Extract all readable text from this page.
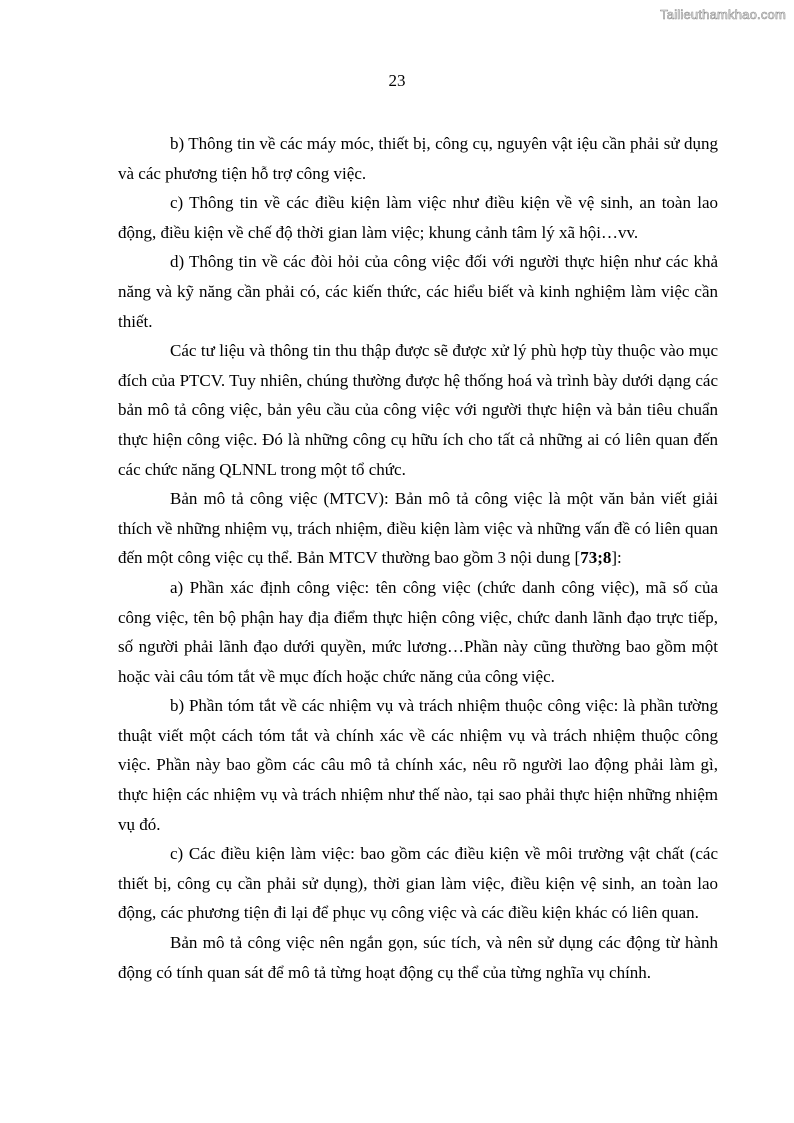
Tailieuthamkhao.com
23

b) Thông tin về các máy móc, thiết bị, công cụ, nguyên vật iệu cần phải sử dụng và các phương tiện hỗ trợ công việc.

c) Thông tin về các điều kiện làm việc như điều kiện về vệ sinh, an toàn lao động, điều kiện về chế độ thời gian làm việc; khung cảnh tâm lý xã hội…vv.

d) Thông tin về các đòi hỏi của công việc đối với người thực hiện như các khả năng và kỹ năng cần phải có, các kiến thức, các hiểu biết và kinh nghiệm làm việc cần thiết.

Các tư liệu và thông tin thu thập được sẽ được xử lý phù hợp tùy thuộc vào mục đích của PTCV. Tuy nhiên, chúng thường được hệ thống hoá và trình bày dưới dạng các bản mô tả công việc, bản yêu cầu của công việc với người thực hiện và bản tiêu chuẩn thực hiện công việc. Đó là những công cụ hữu ích cho tất cả những ai có liên quan đến các chức năng QLNNL trong một tổ chức.

Bản mô tả công việc (MTCV): Bản mô tả công việc là một văn bản viết giải thích về những nhiệm vụ, trách nhiệm, điều kiện làm việc và những vấn đề có liên quan đến một công việc cụ thể. Bản MTCV thường bao gồm 3 nội dung [73;8]:

a) Phần xác định công việc: tên công việc (chức danh công việc), mã số của công việc, tên bộ phận hay địa điểm thực hiện công việc, chức danh lãnh đạo trực tiếp, số người phải lãnh đạo dưới quyền, mức lương…Phần này cũng thường bao gồm một hoặc vài câu tóm tắt về mục đích hoặc chức năng của công việc.

b) Phần tóm tắt về các nhiệm vụ và trách nhiệm thuộc công việc: là phần tường thuật viết một cách tóm tắt và chính xác về các nhiệm vụ và trách nhiệm thuộc công việc. Phần này bao gồm các câu mô tả chính xác, nêu rõ người lao động phải làm gì, thực hiện các nhiệm vụ và trách nhiệm như thế nào, tại sao phải thực hiện những nhiệm vụ đó.

c) Các điều kiện làm việc: bao gồm các điều kiện về môi trường vật chất (các thiết bị, công cụ cần phải sử dụng), thời gian làm việc, điều kiện vệ sinh, an toàn lao động, các phương tiện đi lại để phục vụ công việc và các điều kiện khác có liên quan.

Bản mô tả công việc nên ngắn gọn, súc tích, và nên sử dụng các động từ hành động có tính quan sát để mô tả từng hoạt động cụ thể của từng nghĩa vụ chính.
